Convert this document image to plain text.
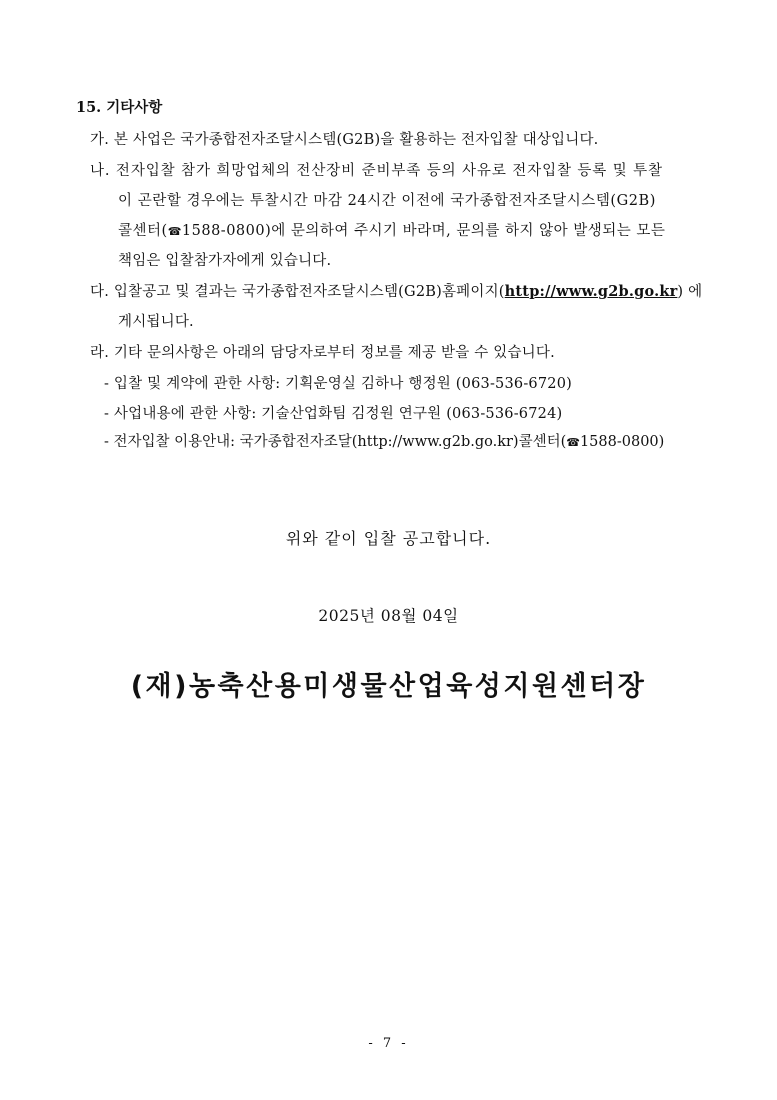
15. 기타사항
가. 본 사업은 국가종합전자조달시스템(G2B)을 활용하는 전자입찰 대상입니다.
나. 전자입찰 참가 희망업체의 전산장비 준비부족 등의 사유로 전자입찰 등록 및 투찰
이 곤란할 경우에는 투찰시간 마감 24시간 이전에 국가종합전자조달시스템(G2B)
콜센터(☎1588-0800)에 문의하여 주시기 바라며, 문의를 하지 않아 발생되는 모든
책임은 입찰참가자에게 있습니다.
다. 입찰공고 및 결과는 국가종합전자조달시스템(G2B)홈페이지(http://www.g2b.go.kr) 에
게시됩니다.
라. 기타 문의사항은 아래의 담당자로부터 정보를 제공 받을 수 있습니다.
- 입찰 및 계약에 관한 사항: 기획운영실 김하나 행정원 (063-536-6720)
- 사업내용에 관한 사항: 기술산업화팀 김정원 연구원 (063-536-6724)
- 전자입찰 이용안내: 국가종합전자조달(http://www.g2b.go.kr)콜센터(☎1588-0800)
위와 같이 입찰 공고합니다.
2025년 08월 04일
(재)농축산용미생물산업육성지원센터장
- 7 -
